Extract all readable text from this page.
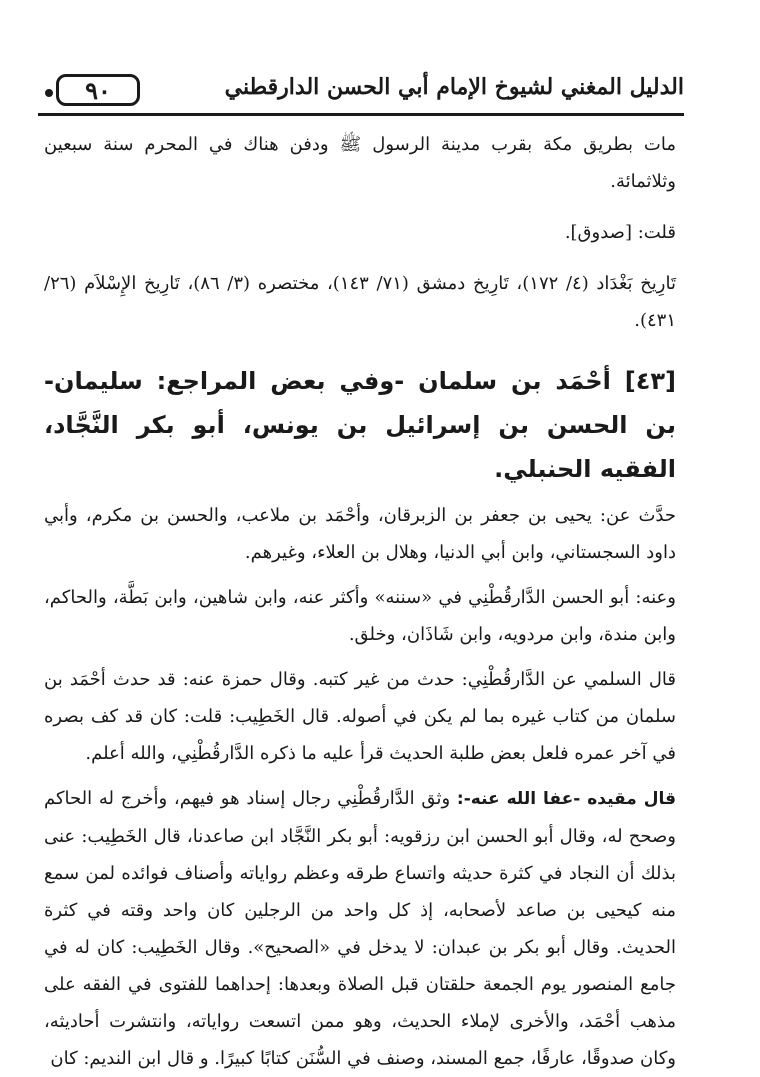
٩٠	الدليل المغني لشيوخ الإمام أبي الحسن الدارقطني

مات بطريق مكة بقرب مدينة الرسول ﷺ ودفن هناك في المحرم سنة سبعين وثلاثمائة.

قلت: [صدوق].

تَارِيخ بَغْدَاد (٤/ ١٧٢)، تَارِيخ دمشق (٧١/ ١٤٣)، مختصره (٣/ ٨٦)، تَارِيخ الإِسْلاَم (٢٦/ ٤٣١).

[٤٣] أحْمَد بن سلمان -وفي بعض المراجع: سليمان- بن الحسن بن إسرائيل بن يونس، أبو بكر النَّجَّاد، الفقيه الحنبلي.

حدَّث عن: يحيى بن جعفر بن الزبرقان، وأحْمَد بن ملاعب، والحسن بن مكرم، وأبي داود السجستاني، وابن أبي الدنيا، وهلال بن العلاء، وغيرهم.

وعنه: أبو الحسن الدَّارقُطْنِي في «سننه» وأكثر عنه، وابن شاهين، وابن بَطَّة، والحاكم، وابن مندة، وابن مردويه، وابن شَاذَان، وخلق.

قال السلمي عن الدَّارقُطْنِي: حدث من غير كتبه. وقال حمزة عنه: قد حدث أحْمَد بن سلمان من كتاب غيره بما لم يكن في أصوله. قال الخَطِيب: قلت: كان قد كف بصره في آخر عمره فلعل بعض طلبة الحديث قرأ عليه ما ذكره الدَّارقُطْنِي، والله أعلم.

قال مقيده -عفا الله عنه-: وثق الدَّارقُطْنِي رجال إسناد هو فيهم، وأخرج له الحاكم وصحح له، وقال أبو الحسن ابن رزقويه: أبو بكر النَّجَّاد ابن صاعدنا، قال الخَطِيب: عنى بذلك أن النجاد في كثرة حديثه واتساع طرقه وعظم رواياته وأصناف فوائده لمن سمع منه كيحيى بن صاعد لأصحابه، إذ كل واحد من الرجلين كان واحد وقته في كثرة الحديث. وقال أبو بكر بن عبدان: لا يدخل في «الصحيح». وقال الخَطِيب: كان له في جامع المنصور يوم الجمعة حلقتان قبل الصلاة وبعدها: إحداهما للفتوى في الفقه على مذهب أحْمَد، والأخرى لإملاء الحديث، وهو ممن اتسعت رواياته، وانتشرت أحاديثه، وكان صدوقًا، عارفًا، جمع المسند، وصنف في السُّنَن كتابًا كبيرًا. و قال ابن النديم: كان
